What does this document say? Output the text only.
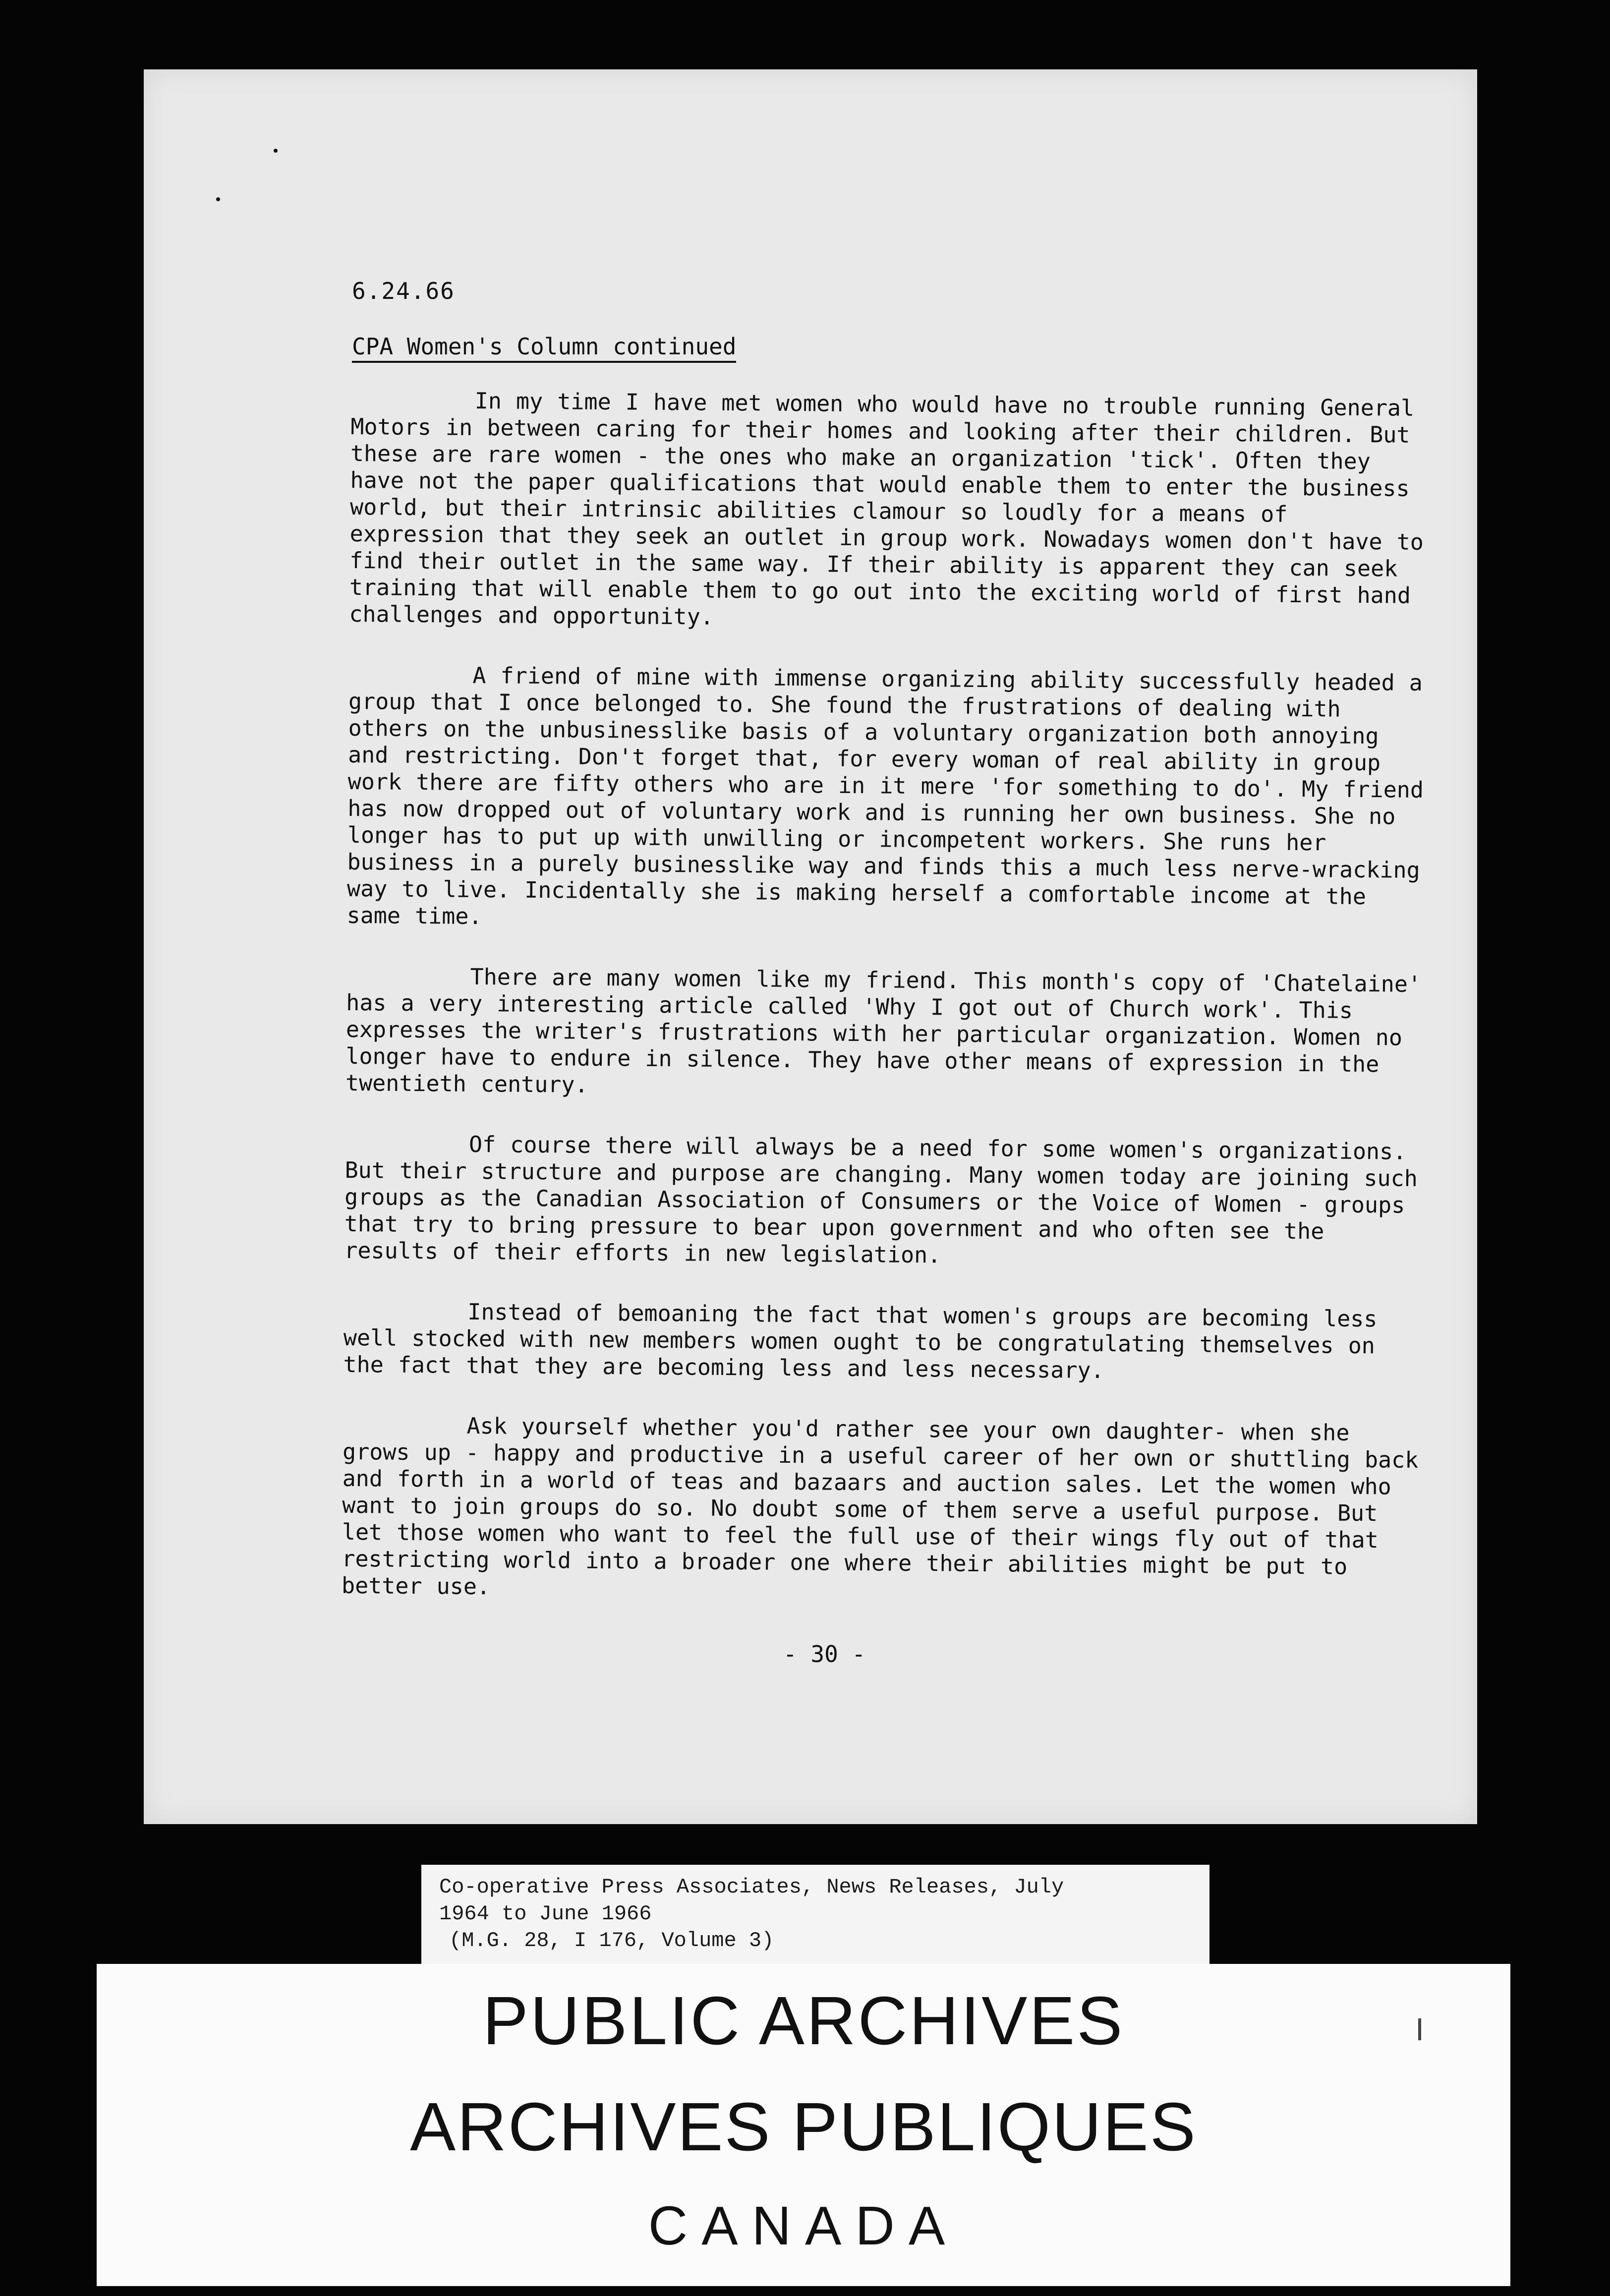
6.24.66
CPA Women's Column continued

In my time I have met women who would have no trouble running General Motors in between caring for their homes and looking after their children. But these are rare women - the ones who make an organization 'tick'. Often they have not the paper qualifications that would enable them to enter the business world, but their intrinsic abilities clamour so loudly for a means of expression that they seek an outlet in group work. Nowadays women don't have to find their outlet in the same way. If their ability is apparent they can seek training that will enable them to go out into the exciting world of first hand challenges and opportunity.

A friend of mine with immense organizing ability successfully headed a group that I once belonged to. She found the frustrations of dealing with others on the unbusinesslike basis of a voluntary organization both annoying and restricting. Don't forget that, for every woman of real ability in group work there are fifty others who are in it mere 'for something to do'. My friend has now dropped out of voluntary work and is running her own business. She no longer has to put up with unwilling or incompetent workers. She runs her business in a purely businesslike way and finds this a much less nerve-wracking way to live. Incidentally she is making herself a comfortable income at the same time.

There are many women like my friend. This month's copy of 'Chatelaine' has a very interesting article called 'Why I got out of Church work'. This expresses the writer's frustrations with her particular organization. Women no longer have to endure in silence. They have other means of expression in the twentieth century.

Of course there will always be a need for some women's organizations. But their structure and purpose are changing. Many women today are joining such groups as the Canadian Association of Consumers or the Voice of Women - groups that try to bring pressure to bear upon government and who often see the results of their efforts in new legislation.

Instead of bemoaning the fact that women's groups are becoming less well stocked with new members women ought to be congratulating themselves on the fact that they are becoming less and less necessary.

Ask yourself whether you'd rather see your own daughter- when she grows up - happy and productive in a useful career of her own or shuttling back and forth in a world of teas and bazaars and auction sales. Let the women who want to join groups do so. No doubt some of them serve a useful purpose. But let those women who want to feel the full use of their wings fly out of that restricting world into a broader one where their abilities might be put to better use.

- 30 -
Co-operative Press Associates, News Releases, July
1964 to June 1966
(M.G. 28, I 176, Volume 3)
PUBLIC ARCHIVES
ARCHIVES PUBLIQUES
CANADA
